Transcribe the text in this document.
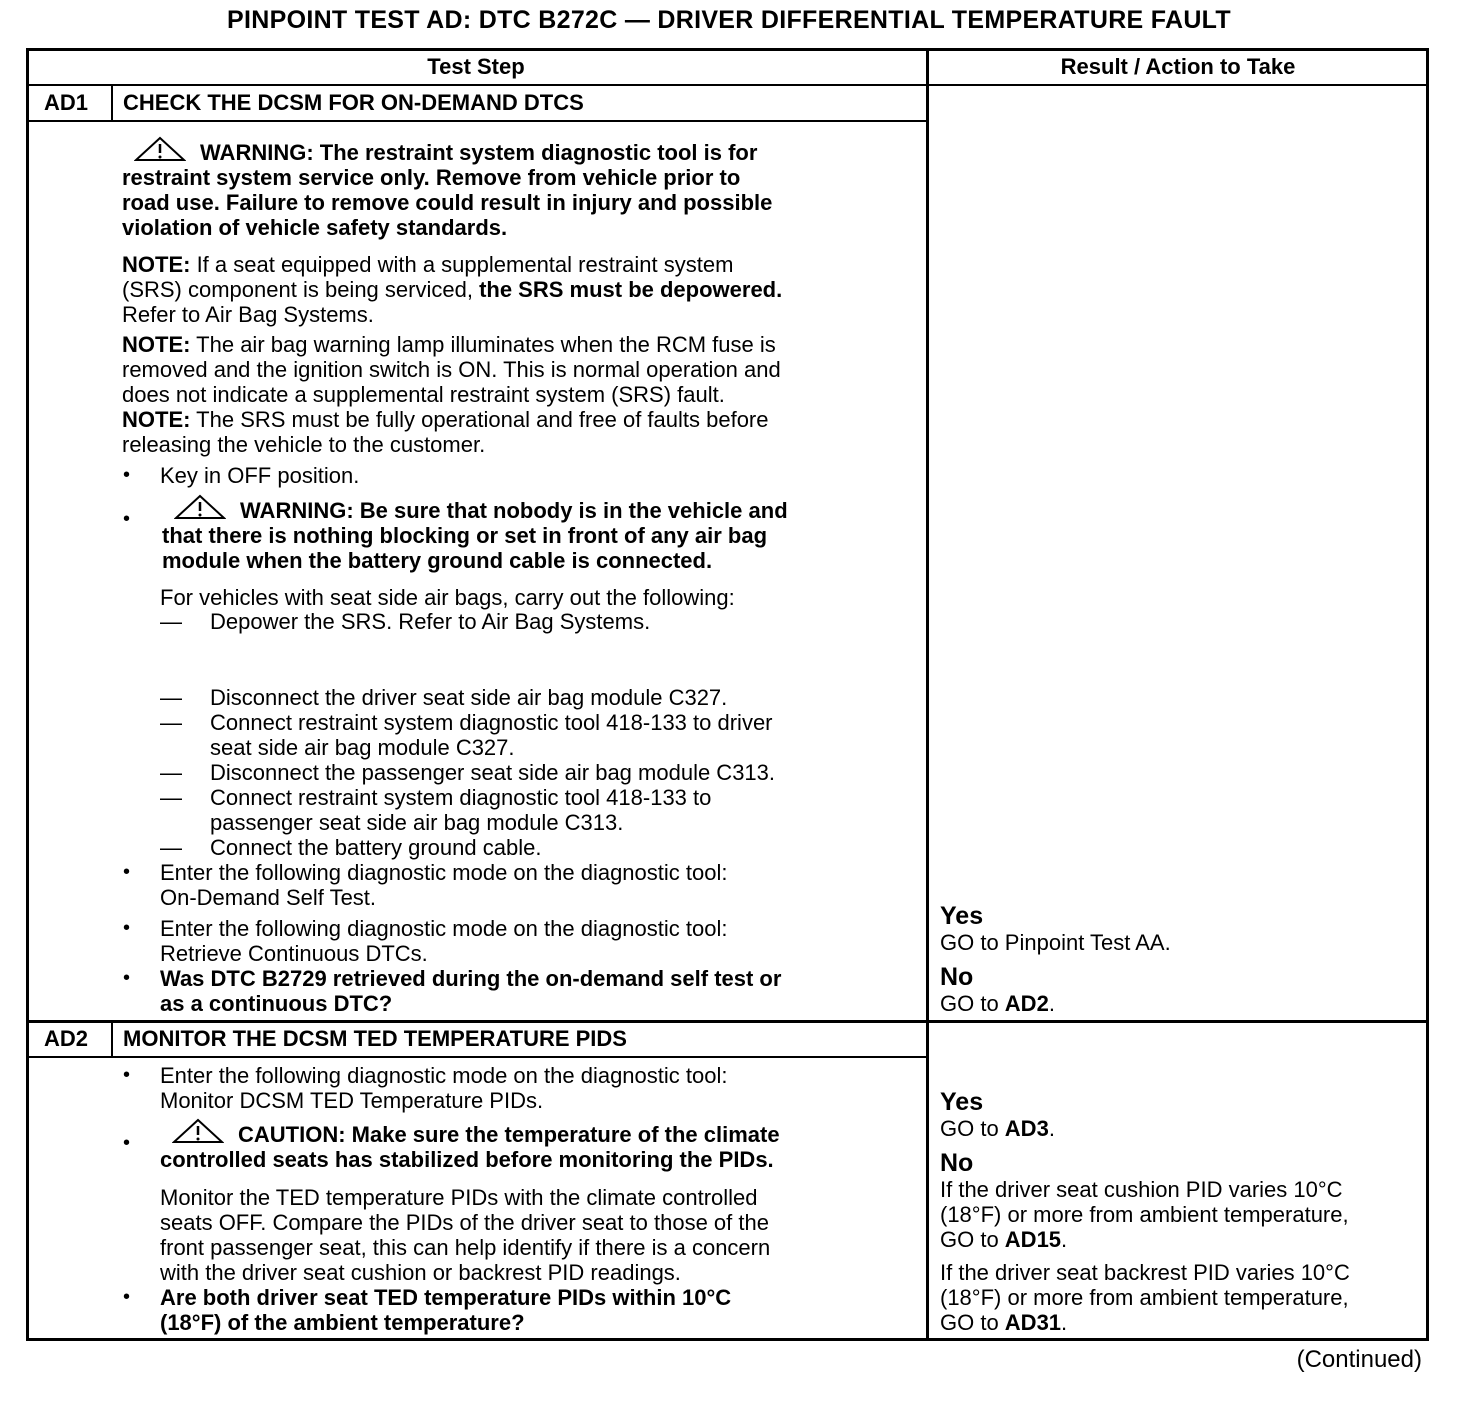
PINPOINT TEST AD: DTC B272C — DRIVER DIFFERENTIAL TEMPERATURE FAULT
Test Step	Result / Action to Take
AD1 CHECK THE DCSM FOR ON-DEMAND DTCS
WARNING: The restraint system diagnostic tool is for
restraint system service only. Remove from vehicle prior to
road use. Failure to remove could result in injury and possible
violation of vehicle safety standards.
NOTE: If a seat equipped with a supplemental restraint system
(SRS) component is being serviced, the SRS must be depowered.
Refer to Air Bag Systems.
NOTE: The air bag warning lamp illuminates when the RCM fuse is
removed and the ignition switch is ON. This is normal operation and
does not indicate a supplemental restraint system (SRS) fault.
NOTE: The SRS must be fully operational and free of faults before
releasing the vehicle to the customer.
• Key in OFF position.
•	WARNING: Be sure that nobody is in the vehicle and
that there is nothing blocking or set in front of any air bag
module when the battery ground cable is connected.
For vehicles with seat side air bags, carry out the following:
— Depower the SRS. Refer to Air Bag Systems.
— Disconnect the driver seat side air bag module C327.
— Connect restraint system diagnostic tool 418-133 to driver
seat side air bag module C327.
— Disconnect the passenger seat side air bag module C313.
— Connect restraint system diagnostic tool 418-133 to
passenger seat side air bag module C313.
— Connect the battery ground cable.
• Enter the following diagnostic mode on the diagnostic tool:
On-Demand Self Test.
• Enter the following diagnostic mode on the diagnostic tool:
Retrieve Continuous DTCs.
• Was DTC B2729 retrieved during the on-demand self test or
as a continuous DTC?
Yes
GO to Pinpoint Test AA.
No
GO to AD2.
AD2 MONITOR THE DCSM TED TEMPERATURE PIDS
• Enter the following diagnostic mode on the diagnostic tool:
Monitor DCSM TED Temperature PIDs.
•	CAUTION: Make sure the temperature of the climate
controlled seats has stabilized before monitoring the PIDs.
Monitor the TED temperature PIDs with the climate controlled
seats OFF. Compare the PIDs of the driver seat to those of the
front passenger seat, this can help identify if there is a concern
with the driver seat cushion or backrest PID readings.
• Are both driver seat TED temperature PIDs within 10°C
(18°F) of the ambient temperature?
Yes
GO to AD3.
No
If the driver seat cushion PID varies 10°C
(18°F) or more from ambient temperature,
GO to AD15.
If the driver seat backrest PID varies 10°C
(18°F) or more from ambient temperature,
GO to AD31.
(Continued)
